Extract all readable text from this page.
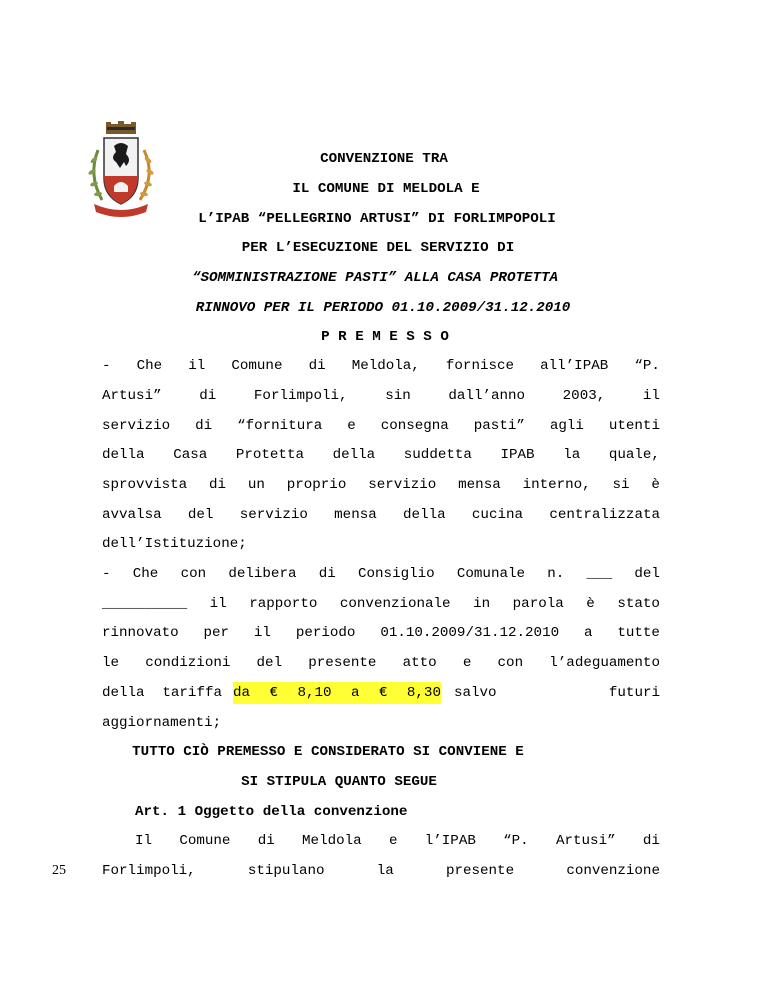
CONVENZIONE TRA
IL COMUNE DI MELDOLA E
L’IPAB “PELLEGRINO ARTUSI” DI FORLIMPOPOLI
PER L’ESECUZIONE DEL SERVIZIO DI
“SOMMINISTRAZIONE PASTI” ALLA CASA PROTETTA
RINNOVO PER IL PERIODO 01.10.2009/31.12.2010
P R E M E S S O
- Che il Comune di Meldola, fornisce all’IPAB “P.
Artusi”	di	Forlimpoli,	sin	dall’anno	2003,	il
servizio di “fornitura e consegna pasti” agli utenti
della Casa Protetta della suddetta IPAB la quale,
sprovvista di un proprio servizio mensa interno, si è
avvalsa del servizio mensa della cucina centralizzata
dell’Istituzione;
- Che con delibera di Consiglio Comunale n. ___ del
__________ il rapporto convenzionale in parola è stato
rinnovato per il periodo 01.10.2009/31.12.2010 a tutte
le condizioni del presente atto e con l’adeguamento
della tariffa da € 8,10 a € 8,30 salvo	futuri
aggiornamenti;
TUTTO CIÒ PREMESSO E CONSIDERATO SI CONVIENE E
SI STIPULA QUANTO SEGUE
Art. 1 Oggetto della convenzione
Il Comune di Meldola e l’IPAB “P. Artusi” di
Forlimpoli,	stipulano	la	presente	convenzione
25
